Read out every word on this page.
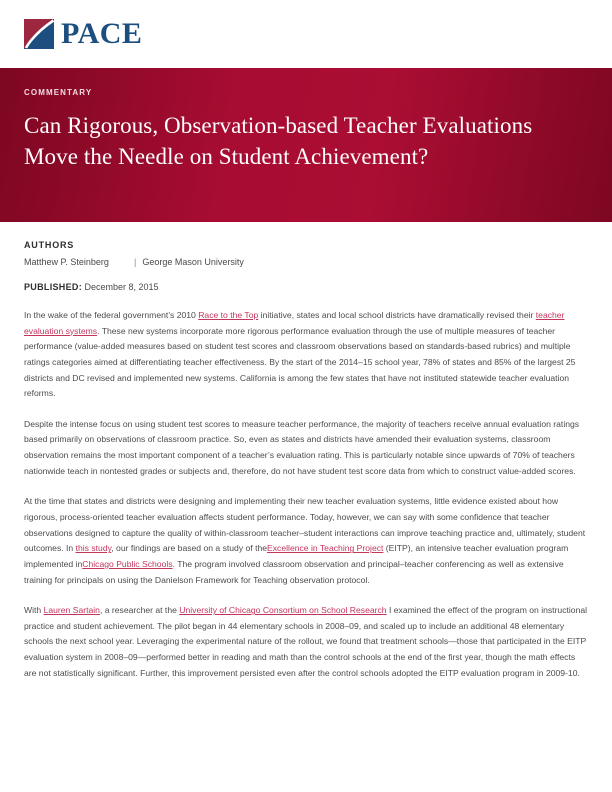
PACE
COMMENTARY
Can Rigorous, Observation-based Teacher Evaluations Move the Needle on Student Achievement?
AUTHORS
Matthew P. Steinberg	| George Mason University
PUBLISHED: December 8, 2015

In the wake of the federal government’s 2010 Race to the Top initiative, states and local school districts have dramatically revised their teacher evaluation systems. These new systems incorporate more rigorous performance evaluation through the use of multiple measures of teacher performance (value-added measures based on student test scores and classroom observations based on standards-based rubrics) and multiple ratings categories aimed at differentiating teacher effectiveness. By the start of the 2014–15 school year, 78% of states and 85% of the largest 25 districts and DC revised and implemented new systems. California is among the few states that have not instituted statewide teacher evaluation reforms.

Despite the intense focus on using student test scores to measure teacher performance, the majority of teachers receive annual evaluation ratings based primarily on observations of classroom practice. So, even as states and districts have amended their evaluation systems, classroom observation remains the most important component of a teacher’s evaluation rating. This is particularly notable since upwards of 70% of teachers nationwide teach in nontested grades or subjects and, therefore, do not have student test score data from which to construct value-added scores.

At the time that states and districts were designing and implementing their new teacher evaluation systems, little evidence existed about how rigorous, process-oriented teacher evaluation affects student performance. Today, however, we can say with some confidence that teacher observations designed to capture the quality of within-classroom teacher–student interactions can improve teaching practice and, ultimately, student outcomes. In this study, our findings are based on a study of theExcellence in Teaching Project (EITP), an intensive teacher evaluation program implemented inChicago Public Schools. The program involved classroom observation and principal–teacher conferencing as well as extensive training for principals on using the Danielson Framework for Teaching observation protocol.

With Lauren Sartain, a researcher at the University of Chicago Consortium on School Research I examined the effect of the program on instructional practice and student achievement. The pilot began in 44 elementary schools in 2008–09, and scaled up to include an additional 48 elementary schools the next school year. Leveraging the experimental nature of the rollout, we found that treatment schools—those that participated in the EITP evaluation system in 2008–09—performed better in reading and math than the control schools at the end of the first year, though the math effects are not statistically significant. Further, this improvement persisted even after the control schools adopted the EITP evaluation program in 2009-10.
